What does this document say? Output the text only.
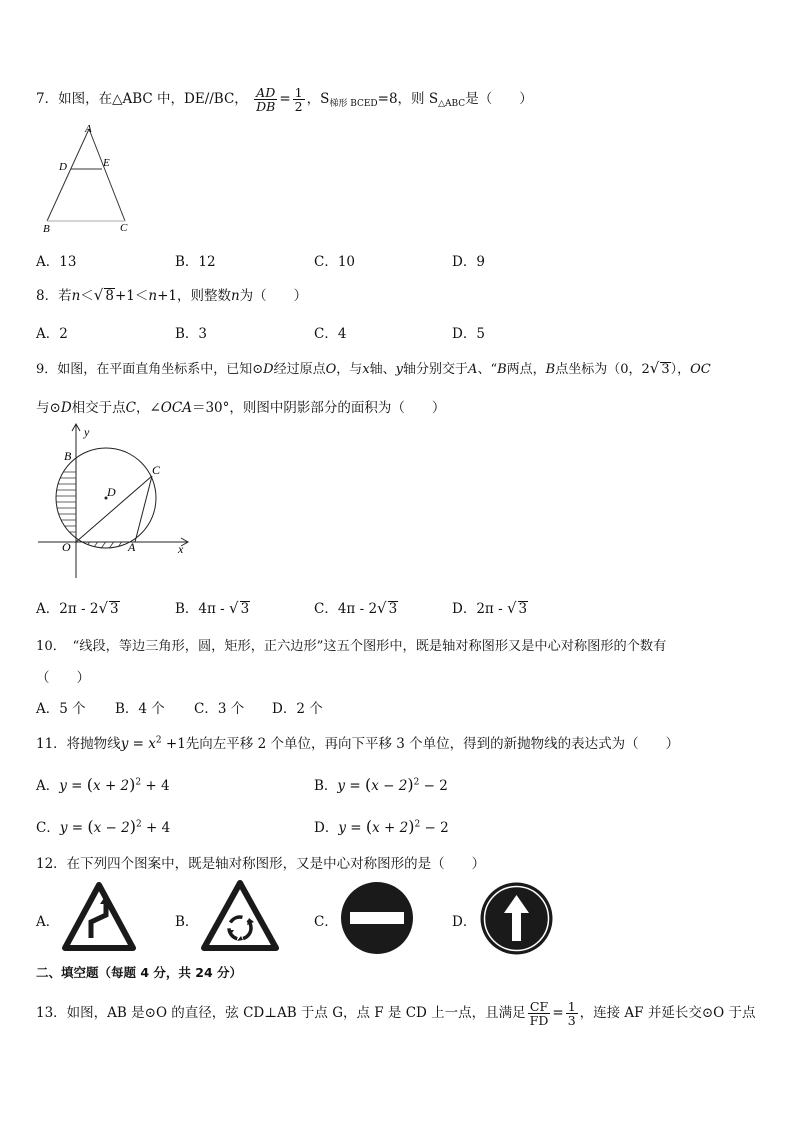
7．如图，在△ABC 中，DE//BC， $\frac{AD}{DB} = \frac{1}{2}$ ，$S_{梯形 BCED}=8$，则 $S_{\triangle ABC}$是（　　）
A
D	E
B	C
A．13	B．12	C．10	D．9
8．若n＜√ 8+1＜n+1，则整数n为（　　）
A．2	B．3	C．4	D．5
9．如图，在平面直角坐标系中，已知⊙D经过原点O，与x轴、y轴分别交于A、“B两点，B点坐标为（0，2√ 3），OC
与⊙D相交于点C，∠OCA＝30°，则图中阴影部分的面积为（　　）
y
x
B
C
D
O	A
A．2π - 2√ 3	B．4π - √ 3	C．4π - 2√ 3	D．2π - √ 3
10．　“线段，等边三角形，圆，矩形，正六边形”这五个图形中，既是轴对称图形又是中心对称图形的个数有
（　　）
A．5 个 B．4 个 C．3 个 D．2 个
11．将抛物线$y = x^2 +1$先向左平移 2 个单位，再向下平移 3 个单位，得到的新抛物线的表达式为（　　）
A．$y = (x + 2)^2 + 4$	B．$y = (x - 2)^2 - 2$
C．$y = (x - 2)^2 + 4$	D．$y = (x + 2)^2 - 2$
12．在下列四个图案中，既是轴对称图形，又是中心对称图形的是（　　）
A．	B．	C．	D．
二、填空题（每题 4 分，共 24 分）
13．如图，AB 是⊙O 的直径，弦 CD⊥AB 于点 G，点 F 是 CD 上一点，且满足 $\frac{CF}{FD} = \frac{1}{3}$ ，连接 AF 并延长交⊙O 于点
